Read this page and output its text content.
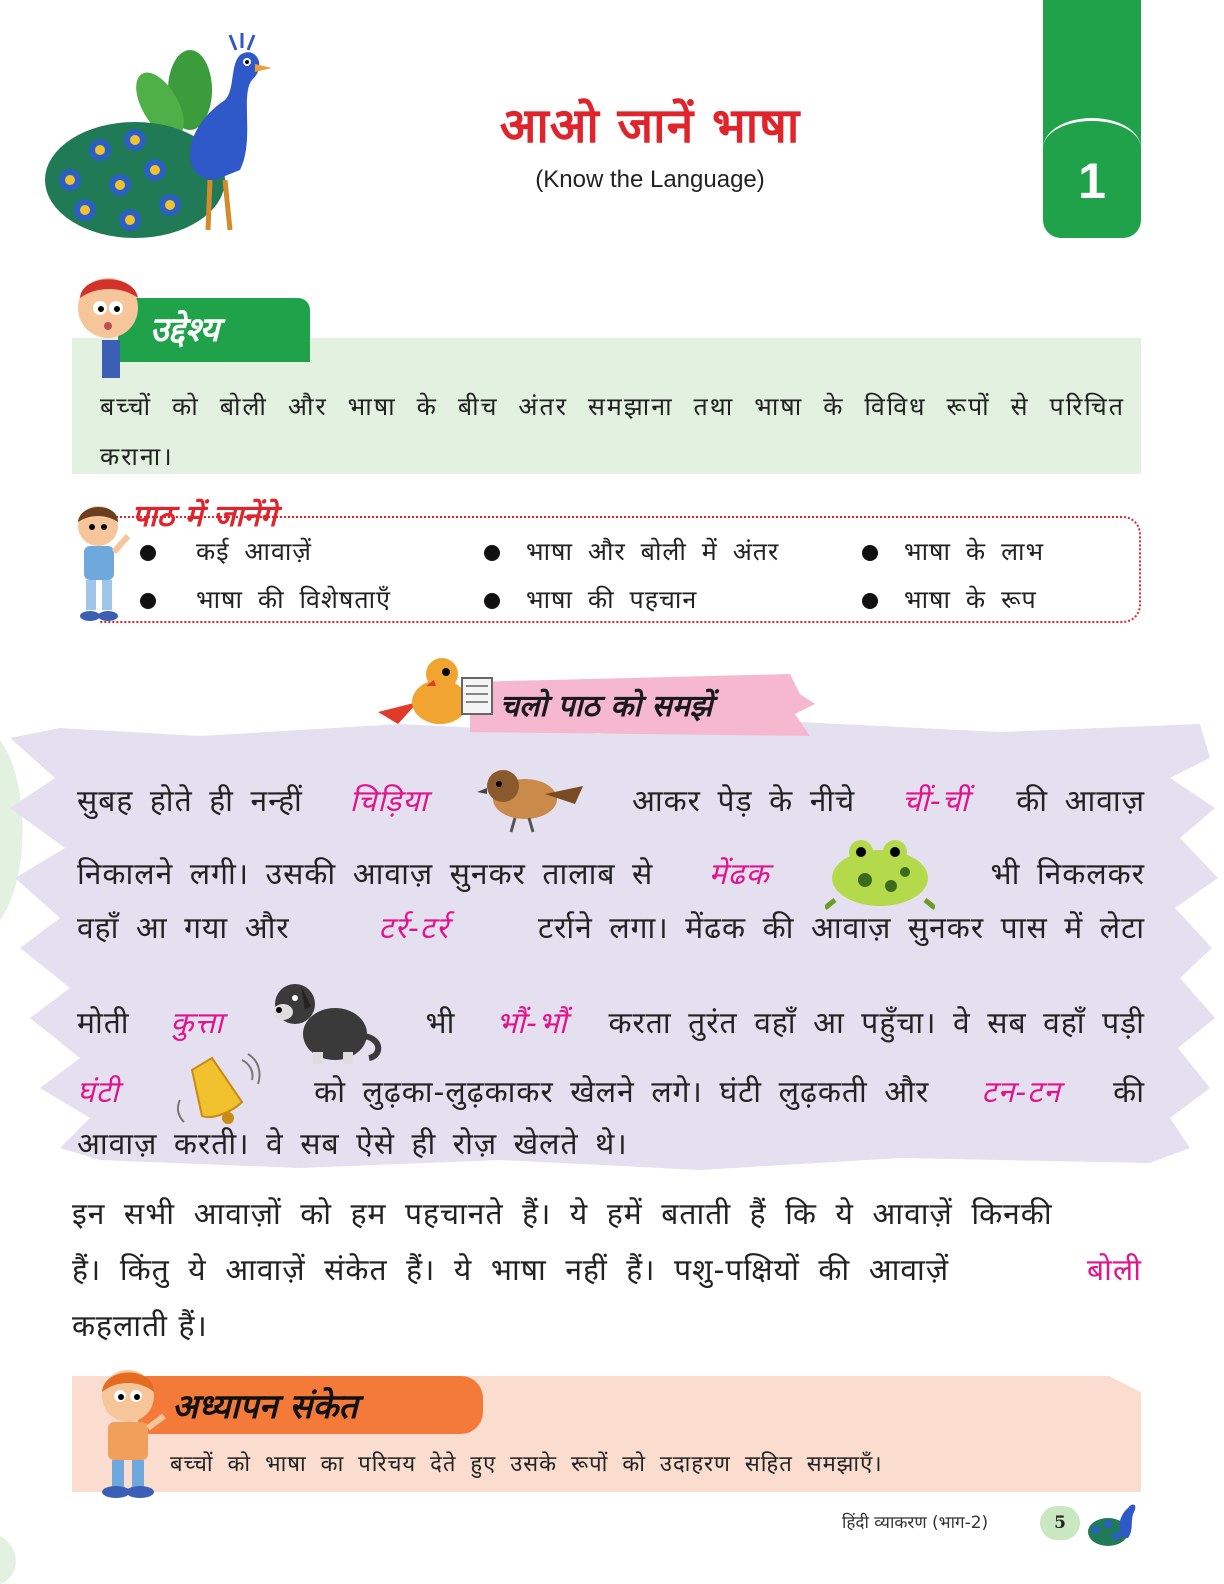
आओ जानें भाषा
(Know the Language)	1
उद्देश्य
बच्चों को बोली और भाषा के बीच अंतर समझाना तथा भाषा के विविध रूपों से परिचित कराना।
पाठ में जानेंगे
कई आवाज़ें	भाषा और बोली में अंतर	भाषा के लाभ
भाषा की विशेषताएँ	भाषा की पहचान	भाषा के रूप
चलो पाठ को समझें
सुबह होते ही नन्हीं चिड़िया	आकर पेड़ के नीचे चीं-चीं की आवाज़
निकालने लगी। उसकी आवाज़ सुनकर तालाब से मेंढक	भी निकलकर
वहाँ आ गया और	टर्र-टर्र	टर्राने लगा। मेंढक की आवाज़ सुनकर पास में लेटा
मोती कुत्ता	भी भौं-भौं करता तुरंत वहाँ आ पहुँचा। वे सब वहाँ पड़ी
घंटी	को लुढ़का-लुढ़काकर खेलने लगे। घंटी लुढ़कती और टन-टन की
आवाज़ करती। वे सब ऐसे ही रोज़ खेलते थे।
इन सभी आवाज़ों को हम पहचानते हैं। ये हमें बताती हैं कि ये आवाज़ें किनकी
हैं। किंतु ये आवाज़ें संकेत हैं। ये भाषा नहीं हैं। पशु-पक्षियों की आवाज़ें	बोली
कहलाती हैं।
अध्यापन संकेत
बच्चों को भाषा का परिचय देते हुए उसके रूपों को उदाहरण सहित समझाएँ।
हिंदी व्याकरण (भाग-2)	5
